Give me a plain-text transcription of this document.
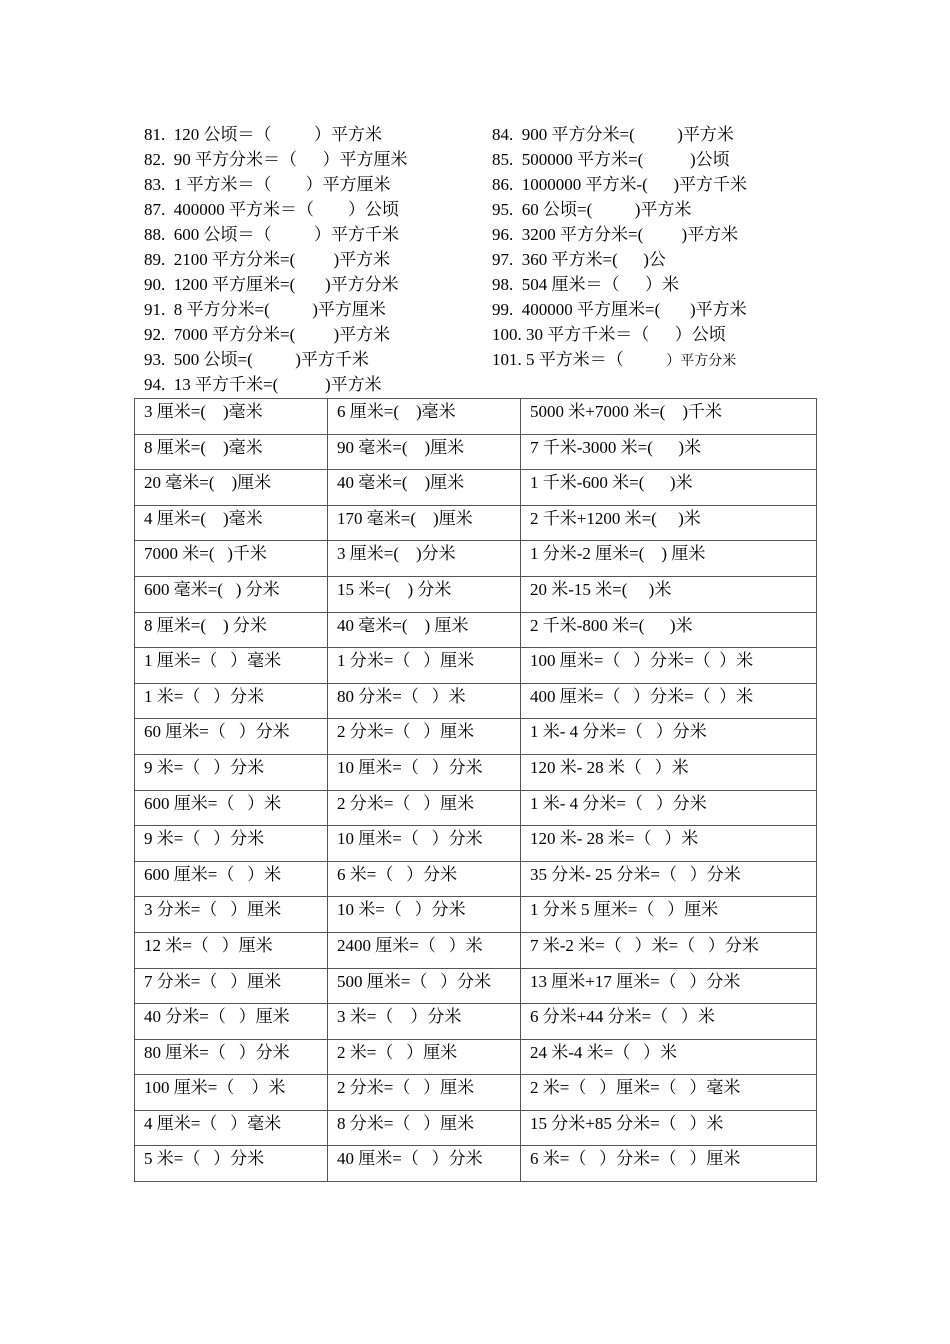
81.  120 公顷＝（          ）平方米
82.  90 平方分米＝（      ）平方厘米
83.  1 平方米＝（        ）平方厘米
87.  400000 平方米＝（        ）公顷
88.  600 公顷＝（          ）平方千米
89.  2100 平方分米=(         )平方米
90.  1200 平方厘米=(       )平方分米
91.  8 平方分米=(          )平方厘米
92.  7000 平方分米=(         )平方米
93.  500 公顷=(          )平方千米
94.  13 平方千米=(           )平方米
84.  900 平方分米=(          )平方米
85.  500000 平方米=(           )公顷
86.  1000000 平方米-(      )平方千米
95.  60 公顷=(          )平方米
96.  3200 平方分米=(         )平方米
97.  360 平方米=(      )公
98.  504 厘米＝（      ）米
99.  400000 平方厘米=(       )平方米
100. 30 平方千米＝（      ）公顷
101. 5 平方米＝（          ）平方分米
3 厘米=(    )毫米	6 厘米=(    )毫米	5000 米+7000 米=(    )千米
8 厘米=(    )毫米	90 毫米=(    )厘米	7 千米-3000 米=(      )米
20 毫米=(    )厘米	40 毫米=(    )厘米	1 千米-600 米=(      )米
4 厘米=(    )毫米	170 毫米=(    )厘米	2 千米+1200 米=(     )米
7000 米=(   )千米	3 厘米=(    )分米	1 分米-2 厘米=(    ) 厘米
600 毫米=(   ) 分米	15 米=(    ) 分米	20 米-15 米=(     )米
8 厘米=(    ) 分米	40 毫米=(    ) 厘米	2 千米-800 米=(      )米
1 厘米=（   ）毫米	1 分米=（   ）厘米	100 厘米=（   ）分米=（  ）米
1 米=（   ）分米	80 分米=（   ）米	400 厘米=（   ）分米=（  ）米
60 厘米=（   ）分米	2 分米=（   ）厘米	1 米- 4 分米=（   ）分米
9 米=（   ）分米	10 厘米=（   ）分米	120 米- 28 米（   ）米
600 厘米=（   ）米	2 分米=（   ）厘米	1 米- 4 分米=（   ）分米
9 米=（   ）分米	10 厘米=（   ）分米	120 米- 28 米=（   ）米
600 厘米=（   ）米	6 米=（   ）分米	35 分米- 25 分米=（   ）分米
3 分米=（   ）厘米	10 米=（   ）分米	1 分米 5 厘米=（   ）厘米
12 米=（   ）厘米	2400 厘米=（   ）米	7 米-2 米=（   ）米=（   ）分米
7 分米=（   ）厘米	500 厘米=（   ）分米	13 厘米+17 厘米=（   ）分米
40 分米=（   ）厘米	3 米=（    ）分米	6 分米+44 分米=（   ）米
80 厘米=（   ）分米	2 米=（   ）厘米	24 米-4 米=（   ）米
100 厘米=（    ）米	2 分米=（   ）厘米	2 米=（   ）厘米=（   ）毫米
4 厘米=（   ）毫米	8 分米=（   ）厘米	15 分米+85 分米=（   ）米
5 米=（   ）分米	40 厘米=（   ）分米	6 米=（   ）分米=（   ）厘米
